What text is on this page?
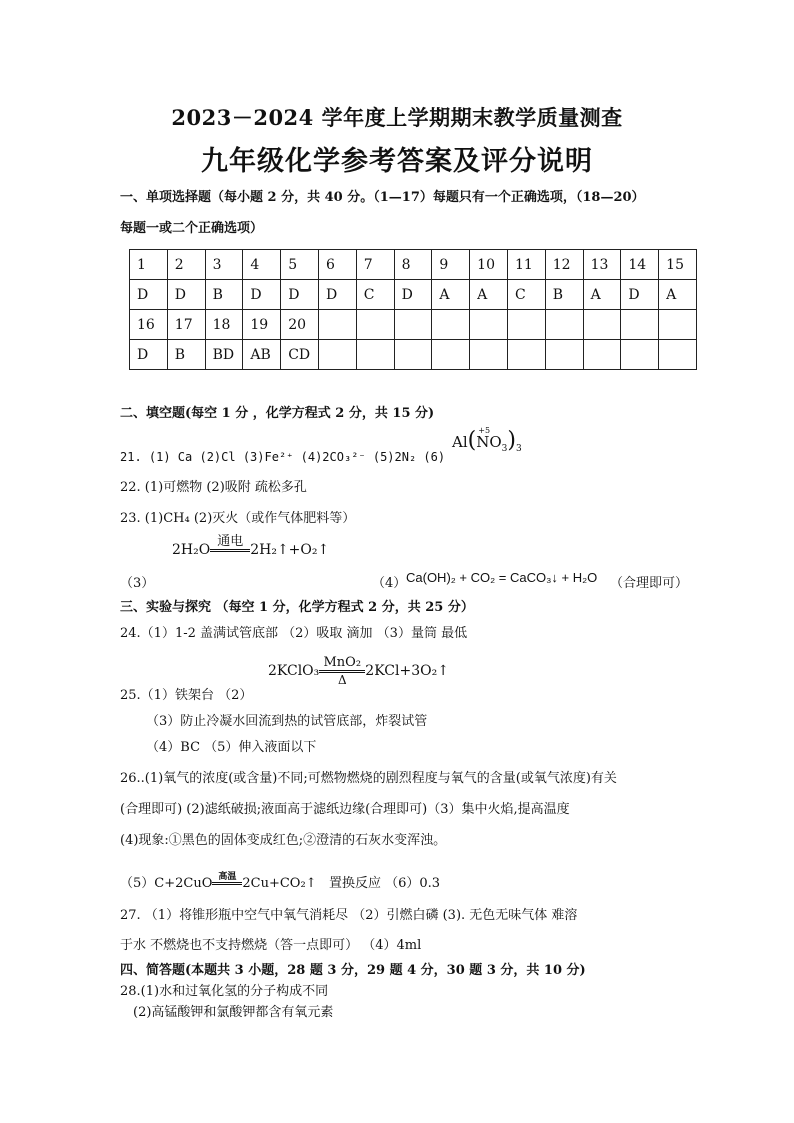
2023－2024 学年度上学期期末教学质量测查
九年级化学参考答案及评分说明
一、单项选择题（每小题 2 分，共 40 分。（1—17）每题只有一个正确选项，（18—20）
每题一或二个正确选项）
1	2	3	4	5	6	7	8	9	10	11	12	13	14	15
D	D	B	D	D	D	C	D	A	A	C	B	A	D	A
16	17	18	19	20										
D	B	BD	AB	CD										
二、填空题(每空 1 分 ，化学方程式 2 分，共 15 分)
21. (1) Ca (2)Cl (3)Fe²⁺ (4)2CO₃²⁻ (5)2N₂ (6)
Al( +5
$NO_3)_3$
22. (1)可燃物 (2)吸附 疏松多孔
23. (1)CH₄ (2)灭火（或作气体肥料等）
2H₂O
通电

2H₂↑+O₂↑
（3）	（4） Ca(OH)₂ + CO₂ = CaCO₃↓ + H₂O （合理即可）
三、实验与探究 （每空 1 分，化学方程式 2 分，共 25 分）
24.（1）1-2 盖满试管底部 （2）吸取 滴加 （3）量筒 最低
2KClO₃ $\frac{\text{MnO₂}}{\Delta}$ 2KCl+3O₂↑
25.（1）铁架台 （2）
（3）防止冷凝水回流到热的试管底部，炸裂试管
（4）BC （5）伸入液面以下
26..(1)氧气的浓度(或含量)不同;可燃物燃烧的剧烈程度与氧气的含量(或氧气浓度)有关
(合理即可) (2)滤纸破损;液面高于滤纸边缘(合理即可)（3）集中火焰,提高温度
(4)现象:①黑色的固体变成红色;②澄清的石灰水变浑浊。
（5）C+2CuO 高温
2Cu+CO₂↑ 置换反应 （6）0.3
27. （1）将锥形瓶中空气中氧气消耗尽 （2）引燃白磷 (3). 无色无味气体 难溶
于水 不燃烧也不支持燃烧（答一点即可） （4）4ml
四、简答题(本题共 3 小题，28 题 3 分，29 题 4 分，30 题 3 分，共 10 分)
28.(1)水和过氧化氢的分子构成不同
(2)高锰酸钾和氯酸钾都含有氧元素
